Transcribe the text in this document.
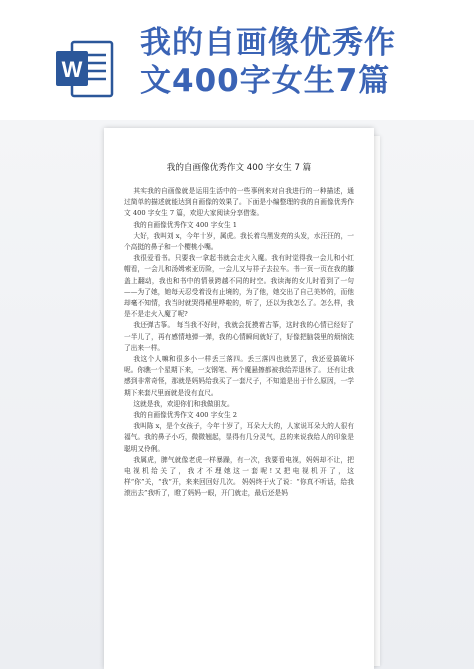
W
我的自画像优秀作
文400字女生7篇
我的自画像优秀作文 400 字女生 7 篇

其实我的自画像就是运用生活中的一些事例来对自我进行的一种描述，通过简单的描述就能达到自画像的效果了。下面是小编整理的我的自画像优秀作文 400 字女生 7 篇，欢迎大家阅读分享借鉴。

我的自画像优秀作文 400 字女生 1

大好，我叫刘 x，今年十岁，属虎。我长着乌黑发亮的头发，水汪汪的，一个高挺的鼻子和一个樱桃小嘴。

我很爱看书。只要我一拿起书就会走火入魔。我有时觉得我一会儿和小红帽看，一会儿和汤姆索亚历险，一会儿又与祥子去拉车。书一页一页在我的膝盖上翻动，我也和书中的情景跨越不同的时空。我读海的女儿时看到了一句——为了她，她每天忍受着没有止境的，为了他，她交出了自己美妙的，而他却毫不知情，我当时就哭得稀里哗啦的，听了，还以为我怎么了。怎么样，我是不是走火入魔了呢?

我还弹古筝。 每当我不好时，我就会抚摸着古筝，这时我的心情已经好了一半儿了，再有感情地弹一弹，我的心情瞬间就好了，好像把脑袋里的烦恼洗了出来一样。

我这个人嘛和很多小一样丢三落四。丢三落四也就罢了，我还爱搞破坏呢。你瞧一个星期下来，一支钢笔、两个魔悬擦都被我给弄退休了。 还有让我感到非常奇怪，那就是妈妈给我买了一套尺子，不知道是出于什么原因，一学期下来套尺里面就是没有直尺。

这就是我，欢迎你们和我做朋友。

我的自画像优秀作文 400 字女生 2

我叫陈 x，是个女孩子，今年十岁了，耳朵大大的，人家说耳朵大的人很有福气。我的鼻子小巧，微微翘起，显得有几分灵气，总的来说我给人的印象是聪明又伶俐。

我属虎，脾气就像老虎一样暴躁，有一次，我要看电视，妈妈却不让，把电视机给关了，我才不理她这一套呢!又把电视机开了，这样“你”关，“我”开，来来回回好几次。 妈妈终于火了说：“你真不听话，给我滚出去”我听了，瞪了妈妈一眼，开门就走，最后还是妈
